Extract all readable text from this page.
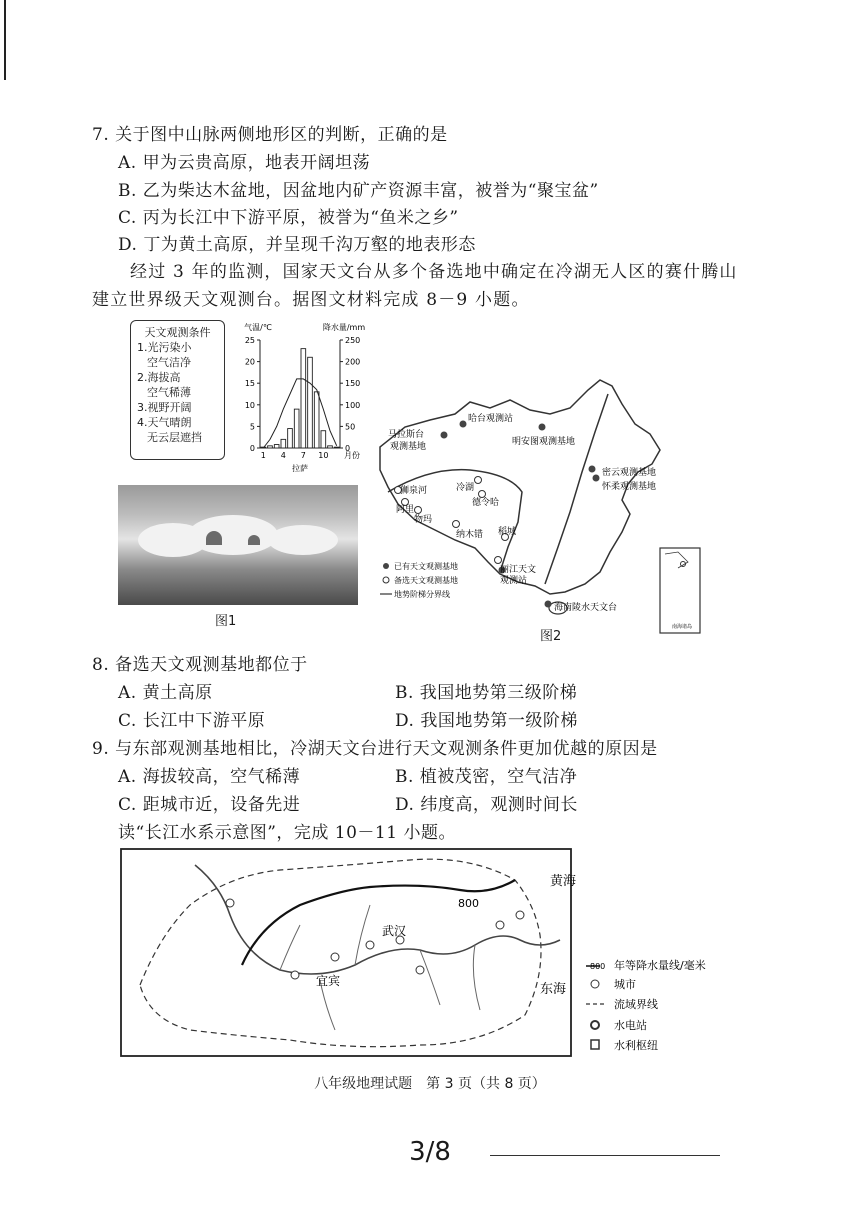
7. 关于图中山脉两侧地形区的判断，正确的是
A. 甲为云贵高原，地表开阔坦荡
B. 乙为柴达木盆地，因盆地内矿产资源丰富，被誉为“聚宝盆”
C. 丙为长江中下游平原，被誉为“鱼米之乡”
D. 丁为黄土高原，并呈现千沟万壑的地表形态
经过 3 年的监测，国家天文台从多个备选地中确定在冷湖无人区的赛什腾山
建立世界级天文观测台。据图文材料完成 8－9 小题。
天文观测条件
1.光污染小
空气洁净
2.海拔高
空气稀薄
3.视野开阔
4.天气晴朗
无云层遮挡
0
5
10
15
20
25
0
50
100
150
200
250
气温/℃	降水量/mm
1 4 7 10 月份
拉萨
图1
哈台观测站
马拉斯台
观测基地	明安图观测基地
密云观测基地
怀柔观测基地
狮泉河
阿里
物玛
冷湖
德令哈
纳木错 稻城
丽江天文
观测站
海南陵水天文台
已有天文观测基地
备选天文观测基地
地势阶梯分界线
南海诸岛
图2
8. 备选天文观测基地都位于
A. 黄土高原	B. 我国地势第三级阶梯
C. 长江中下游平原	D. 我国地势第一级阶梯
9. 与东部观测基地相比，冷湖天文台进行天文观测条件更加优越的原因是
A. 海拔较高，空气稀薄	B. 植被茂密，空气洁净
C. 距城市近，设备先进	D. 纬度高，观测时间长
读“长江水系示意图”，完成 10－11 小题。
800
武汉
宜宾
黄海
东海
800 年等降水量线/毫米
城市
流域界线
水电站
水利枢纽
八年级地理试题　第 3 页（共 8 页）
3/8
